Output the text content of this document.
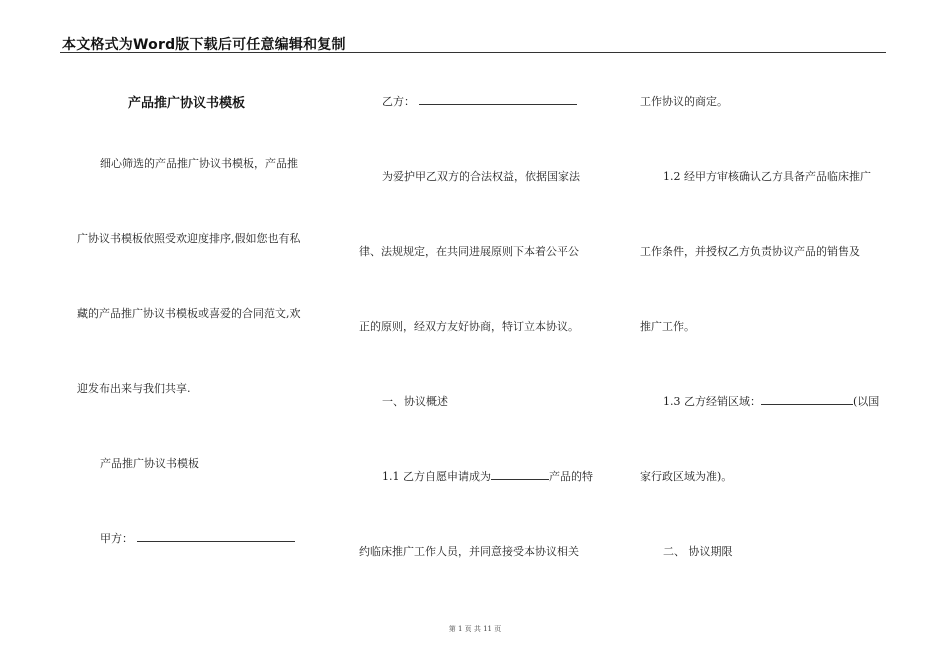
本文格式为Word版下载后可任意编辑和复制
产品推广协议书模板
细心筛选的产品推广协议书模板，产品推
广协议书模板依照受欢迎度排序,假如您也有私
藏的产品推广协议书模板或喜爱的合同范文,欢
迎发布出来与我们共享.
产品推广协议书模板
甲方：
乙方：
为爱护甲乙双方的合法权益，依据国家法
律、法规规定，在共同进展原则下本着公平公
正的原则，经双方友好协商，特订立本协议。
一、协议概述
1.1 乙方自愿申请成为	产品的特
约临床推广工作人员，并同意接受本协议相关
工作协议的商定。
1.2 经甲方审核确认乙方具备产品临床推广
工作条件，并授权乙方负责协议产品的销售及
推广工作。
1.3 乙方经销区域：	(以国
家行政区域为准)。
二、 协议期限
第 1 页 共 11 页
